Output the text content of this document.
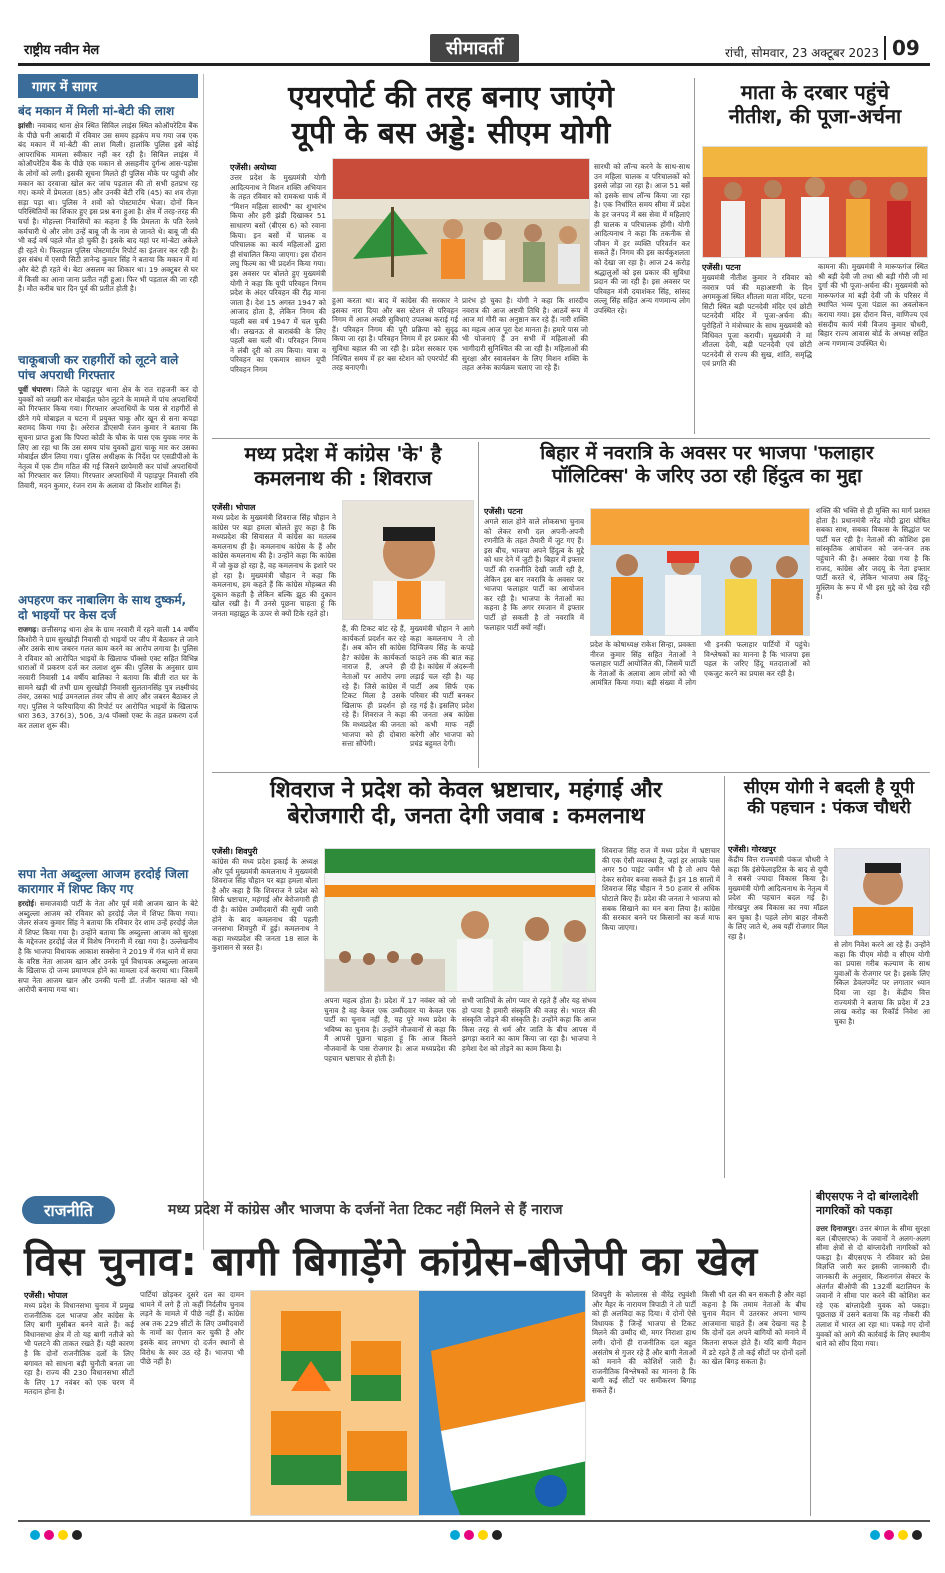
राष्ट्रीय नवीन मेल	सीमावर्ती	रांची, सोमवार, 23 अक्टूबर 2023 09
गागर में सागर
बंद मकान में मिली मां-बेटी की लाश
झांसी। नवाबाद थाना क्षेत्र स्थित सिविल लाइंस स्थित कोऑपरेटिव बैंक के पीछे घनी आबादी में रविवार उस समय हड़कंप मच गया जब एक बंद मकान में मां-बेटी की लाश मिली। हालांकि पुलिस इसे कोई आपराधिक मामला स्वीकार नहीं कर रही है। सिविल लाइंस में कोऑपरेटिव बैंक के पीछे एक मकान से असहनीय दुर्गन्ध आस-पड़ोस के लोगों को लगी। इसकी सूचना मिलते ही पुलिस मौके पर पहुंची और मकान का दरवाजा खोल कर जांच पड़ताल की तो सभी हतप्रभ रह गए। कमरे में प्रेमलता (85) और उनकी बेटी रचि (45) का शव रोज़ा सड़ा पड़ा था। पुलिस ने शवों को पोस्टमार्टम भेजा। दोनों किन परिस्थितियों का शिकार हुए इस प्रश्न बना हुआ है। क्षेत्र में तरह-तरह की चर्चा है। मोहल्ला निवासियों का कहना है कि प्रेमलता के पति रेलवे कर्मचारी थे और लोग उन्हें बाबू जी के नाम से जानते थे। बाबू जी की भी कई वर्ष पहले मौत हो चुकी है। इसके बाद यहां पर मां-बेटा अकेले ही रहते थे। फिलहाल पुलिस पोस्टमार्टम रिपोर्ट का इंतजार कर रही है। इस संबंध में एसपी सिटी ज्ञानेन्द्र कुमार सिंह ने बताया कि मकान में मां और बेटे ही रहते थे। बेटा असलम का शिकार था। 19 अक्टूबर से घर में किसी का आना जाना प्रतीत नहीं हुआ। फिर भी पड़ताल की जा रही है। मौत करीब चार दिन पूर्व की प्रतीत होती है।
चाकूबाजी कर राहगीरों को लूटने वाले पांच अपराधी गिरफ्तार
पूर्वी चंपारण। जिले के पहाड़पुर थाना क्षेत्र के रात राहजनी कर दो युवकों को जख्मी कर मोबाईल फोन लूटने के मामले में पांच अपराधियों को गिरफ्तार किया गया। गिरफ्तार अपराधियों के पास से राहगीरों से छीने गये मोबाइल व घटना में प्रयुक्त चाकू और खून से सना कपड़ा बरामद किया गया है। अरेराज डीएसपी रंजन कुमार ने बताया कि सूचना प्राप्त हुआ कि पिपरा कोठी के चौक के पास एक युवक नगर के लिए आ रहा था कि उस समय पांच युवकों द्वारा चाकू मार कर उसका मोबाईल छीन लिया गया। पुलिस अधीक्षक के निर्देश पर एसडीपीओ के नेतृत्व में एक टीम गठित की गई जिसने छापेमारी कर पांचों अपराधियों को गिरफ्तार कर लिया। गिरफ्तार अपराधियों में पहाड़पुर निवासी रवि तिवारी, मदन कुमार, रंजन राम के अलावा दो किशोर शामिल हैं।
अपहरण कर नाबालिग के साथ दुष्कर्म, दो भाइयों पर केस दर्ज
राजगढ़। छत्तीसगढ़ थाना क्षेत्र के ग्राम नरवारी में रहने वाली 14 वर्षीय किशोरी ने ग्राम सुरखोड़ी निवासी दो भाइयों पर जीप में बैठाकर ले जाने और उसके साथ जबरन गलत काम करने का आरोप लगाया है। पुलिस ने रविवार को आरोपित भाइयों के खिलाफ पॉक्सो एक्ट सहित विभिन्न धाराओं में प्रकरण दर्ज कर तलाश शुरू की। पुलिस के अनुसार ग्राम नरवारी निवासी 14 वर्षीय बालिका ने बताया कि बीती रात घर के सामने खड़ी थी तभी ग्राम सुरखोड़ी निवासी सुलतानसिंह पुत्र लक्ष्मीचंद तंवर, उसका भाई उमनलाल तंवर जीप से आए और जबरन बैठाकर ले गए। पुलिस ने फरियादिया की रिपोर्ट पर आरोपित भाइयों के खिलाफ धारा 363, 376(3), 506, 3/4 पॉक्सो एक्ट के तहत प्रकरण दर्ज कर तलाश शुरू की।
सपा नेता अब्दुल्ला आजम हरदोई जिला कारागार में शिफ्ट किए गए
हरदोई। समाजवादी पार्टी के नेता और पूर्व मंत्री आजम खान के बेटे अब्दुल्ला आजम को रविवार को हरदोई जेल में शिफ्ट किया गया। जेलर संजय कुमार सिंह ने बताया कि रविवार देर शाम उन्हें हरदोई जेल में शिफ्ट किया गया है। उन्होंने बताया कि अब्दुल्ला आजम को सुरक्षा के मद्देनजर हरदोई जेल में विशेष निगरानी में रखा गया है। उल्लेखनीय है कि भाजपा विधायक आकाश सक्सेना ने 2019 में गंज थाने में सपा के वरिष्ठ नेता आजम खान और उनके पूर्व विधायक अब्दुल्ला आजम के खिलाफ दो जन्म प्रमाणपत्र होने का मामला दर्ज कराया था। जिसमें सपा नेता आजम खान और उनकी पत्नी डॉ. तंजीन फातमा को भी आरोपी बनाया गया था।
एयरपोर्ट की तरह बनाए जाएंगे
यूपी के बस अड्डे: सीएम योगी
एजेंसी। अयोध्या
उत्तर प्रदेश के मुख्यमंत्री योगी आदित्यनाथ ने मिशन शक्ति अभियान के तहत रविवार को रामकथा पार्क में "मिशन महिला सारथी" का शुभारंभ किया और हरी झंडी दिखाकर 51 साधारण बसों (बीएस 6) को रवाना किया। इन बसों में चालक व परिचालक का कार्य महिलाओं द्वारा ही संचालित किया जाएगा। इस दौरान लघु फिल्म का भी प्रदर्शन किया गया। इस अवसर पर बोलते हुए मुख्यमंत्री योगी ने कहा कि यूपी परिवहन निगम प्रदेश के अंदर परिवहन की रीढ़ माना जाता है। देश 15 अगस्त 1947 को आजाद होता है, लेकिन निगम की पहली बस वर्ष 1947 में चल चुकी थी। लखनऊ से बाराबंकी के लिए पहली बस चली थी। परिवहन निगम ने लंबी दूरी को तय किया। यात्रा व परिवहन का एकमात्र साधन यूपी परिवहन निगम
हुआ करता था। बाद में कांग्रेस की सरकार ने इसका नारा दिया और बस स्टेशन से परिवहन निगम में आज अच्छी सुविधाएं उपलब्ध कराई गई हैं। परिवहन निगम की पूरी प्रक्रिया को सुदृढ़ किया जा रहा है। परिवहन निगम में हर प्रकार की सुविधा बहाल की जा रही है। प्रदेश सरकार एक निश्चित समय में हर बस स्टेशन को एयरपोर्ट की तरह बनाएगी।
प्रारंभ हो चुका है। योगी ने कहा कि शारदीय नवरात्र की आज अष्टमी तिथि है। आठवें रूप में आज मां गौरी का अनुष्ठान कर रहे हैं। नारी शक्ति का महत्व आज पूरा देश मानता है। हमारे पास जो भी योजनाएं हैं उन सभी में महिलाओं की भागीदारी सुनिश्चित की जा रही है। महिलाओं की सुरक्षा और स्वावलंबन के लिए मिशन शक्ति के तहत अनेक कार्यक्रम चलाए जा रहे हैं।
सारथी को लॉन्च करने के साथ-साथ उन महिला चालक व परिचालकों को इससे जोड़ा जा रहा है। आज 51 बसें को इसके साथ लॉन्च किया जा रहा है। एक निर्धारित समय सीमा में प्रदेश के हर जनपद में बस सेवा में महिलाएं ही चालक व परिचालक होंगी। योगी आदित्यनाथ ने कहा कि तकनीक से जीवन में हर व्यक्ति परिवर्तन कर सकते हैं। निगम की इस कार्यकुशलता को देखा जा रहा है। आज 24 करोड़ श्रद्धालुओं को इस प्रकार की सुविधा प्रदान की जा रही है। इस अवसर पर परिवहन मंत्री दयाशंकर सिंह, सांसद लल्लू सिंह सहित अन्य गणमान्य लोग उपस्थित रहे।
माता के दरबार पहुंचे
नीतीश, की पूजा-अर्चना
एजेंसी। पटना
मुख्यमंत्री नीतीश कुमार ने रविवार को नवरात्र पर्व की महाअष्टमी के दिन अगमकुआं स्थित शीतला माता मंदिर, पटना सिटी स्थित बड़ी पटनदेवी मंदिर एवं छोटी पटनदेवी मंदिर में पूजा-अर्चना की। पुरोहितों ने मंत्रोच्चार के साथ मुख्यमंत्री को विधिवत पूजा करायी। मुख्यमंत्री ने मां शीतला देवी, बड़ी पटनदेवी एवं छोटी पटनदेवी से राज्य की सुख, शांति, समृद्धि एवं प्रगति की
कामना की। मुख्यमंत्री ने मारूफगंज स्थित श्री बड़ी देवी जी तथा श्री बड़ी गौरी जी मां दुर्गा की भी पूजा-अर्चना की। मुख्यमंत्री को मारूफगंज मां बड़ी देवी जी के परिसर में स्थापित भव्य पूजा पंडाल का अवलोकन कराया गया। इस दौरान वित्त, वाणिज्य एवं संसदीय कार्य मंत्री विजय कुमार चौधरी, बिहार राज्य आवास बोर्ड के अध्यक्ष सहित अन्य गणमान्य उपस्थित थे।
मध्य प्रदेश में कांग्रेस 'के' है
कमलनाथ की : शिवराज
एजेंसी। भोपाल
मध्य प्रदेश के मुख्यमंत्री शिवराज सिंह चौहान ने कांग्रेस पर बड़ा हमला बोलते हुए कहा है कि मध्यप्रदेश की सियासत में कांग्रेस का मतलब कमलनाथ ही है। कमलनाथ कांग्रेस के हैं और कांग्रेस कमलनाथ की है। उन्होंने कहा कि कांग्रेस में जो कुछ हो रहा है, वह कमलनाथ के इशारे पर हो रहा है। मुख्यमंत्री चौहान ने कहा कि कमलनाथ, हम कहते हैं कि कांग्रेस मोहब्बत की दुकान कहती है लेकिन बल्कि झूठ की दुकान खोल रखी है। मैं उनसे पूछना चाहता हूं कि जनता महाझूठ के ऊपर से क्यों टिके रहते हो।
हैं, की टिकट बांट रहे हैं, कार्यकर्ता प्रदर्शन कर रहे हैं। अब कौन सी कांग्रेस है? कांग्रेस के कार्यकर्ता नाराज हैं, अपने ही नेताओं पर आरोप लगा रहे हैं। जिसे कांग्रेस में टिकट मिला है उसके खिलाफ ही प्रदर्शन हो रहे हैं। शिवराज ने कहा कि मध्यप्रदेश की जनता भाजपा को ही दोबारा सत्ता सौंपेगी।
मुख्यमंत्री चौहान ने आगे कहा कमलनाथ ने तो दिग्विजय सिंह के कपड़े फाड़ने तक की बात कह दी है। कांग्रेस में अंदरूनी लड़ाई चल रही है। यह पार्टी अब सिर्फ एक परिवार की पार्टी बनकर रह गई है। इसलिए प्रदेश की जनता अब कांग्रेस को कभी माफ नहीं करेगी और भाजपा को प्रचंड बहुमत देगी।
बिहार में नवरात्रि के अवसर पर भाजपा 'फलाहार
पॉलिटिक्स' के जरिए उठा रही हिंदुत्व का मुद्दा
एजेंसी। पटना
अगले साल होने वाले लोकसभा चुनाव को लेकर सभी दल अपनी-अपनी रणनीति के तहत तैयारी में जुट गए हैं। इस बीच, भाजपा अपने हिंदुत्व के मुद्दे को धार देने में जुटी है। बिहार में इफ्तार पार्टी की राजनीति देखी जाती रही है, लेकिन इस बार नवरात्रि के अवसर पर भाजपा फलाहार पार्टी का आयोजन कर रही है। भाजपा के नेताओं का कहना है कि अगर रमजान में इफ्तार पार्टी हो सकती है तो नवरात्रि में फलाहार पार्टी क्यों नहीं।
प्रदेश के कोषाध्यक्ष राकेश सिन्हा, प्रवक्ता नीरज कुमार सिंह सहित नेताओं ने फलाहार पार्टी आयोजित की, जिसमें पार्टी के नेताओं के अलावा आम लोगों को भी आमंत्रित किया गया। बड़ी संख्या में लोग भी इनकी फलाहार पार्टियों में पहुंचे। विश्लेषकों का मानना है कि भाजपा इस पहल के जरिए हिंदू मतदाताओं को एकजुट करने का प्रयास कर रही है।
शक्ति की भक्ति से ही मुक्ति का मार्ग प्रशस्त होता है। प्रधानमंत्री नरेंद्र मोदी द्वारा घोषित सबका साथ, सबका विकास के सिद्धांत पर पार्टी चल रही है। नेताओं की कोशिश इस सांस्कृतिक आयोजन को जन-जन तक पहुंचाने की है। अक्सर देखा गया है कि राजद, कांग्रेस और जदयू के नेता इफ्तार पार्टी करते थे, लेकिन भाजपा अब हिंदू-मुस्लिम के रूप में भी इस मुद्दे को देख रही है।
शिवराज ने प्रदेश को केवल भ्रष्टाचार, महंगाई और
बेरोजगारी दी, जनता देगी जवाब : कमलनाथ
एजेंसी। शिवपुरी
कांग्रेस की मध्य प्रदेश इकाई के अध्यक्ष और पूर्व मुख्यमंत्री कमलनाथ ने मुख्यमंत्री शिवराज सिंह चौहान पर बड़ा हमला बोला है और कहा है कि शिवराज ने प्रदेश को सिर्फ भ्रष्टाचार, महंगाई और बेरोजगारी ही दी है। कांग्रेस उम्मीदवारों की सूची जारी होने के बाद कमलनाथ की पहली जनसभा शिवपुरी में हुई। कमलनाथ ने कहा मध्यप्रदेश की जनता 18 साल के कुशासन से त्रस्त है।
अपना महत्व होता है। प्रदेश में 17 नवंबर को जो चुनाव है वह केवल एक उम्मीदवार या केवल एक पार्टी का चुनाव नहीं है, यह पूरे मध्य प्रदेश के भविष्य का चुनाव है। उन्होंने नौजवानों से कहा कि मैं आपसे पूछना चाहता हूं कि आज कितने नौजवानों के पास रोजगार है। आज मध्यप्रदेश की पहचान भ्रष्टाचार से होती है।
सभी जातियों के लोग प्यार से रहते हैं और यह संभव हो पाया है हमारी संस्कृति की वजह से। भारत की संस्कृति जोड़ने की संस्कृति है। उन्होंने कहा कि आज किस तरह से धर्म और जाति के बीच आपस में झगड़ा कराने का काम किया जा रहा है। भाजपा ने हमेशा देश को तोड़ने का काम किया है।
शिवराज सिंह राज में मध्य प्रदेश में भ्रष्टाचार की एक ऐसी व्यवस्था है, जहां हर आपके पास अगर 50 पाइंट जमीन भी है तो आप पैसे देकर सरोवर बनवा सकते हैं। इन 18 सालों में शिवराज सिंह चौहान ने 50 हजार से अधिक घोटाले किए हैं। प्रदेश की जनता ने भाजपा को सबक सिखाने का मन बना लिया है। कांग्रेस की सरकार बनने पर किसानों का कर्ज माफ किया जाएगा।
सीएम योगी ने बदली है यूपी
की पहचान : पंकज चौधरी
एजेंसी। गोरखपुर
केंद्रीय वित्त राज्यमंत्री पंकज चौधरी ने कहा कि इंसेफेलाइटिस के बाद से यूपी ने सबसे ज्यादा विकास किया है। मुख्यमंत्री योगी आदित्यनाथ के नेतृत्व में प्रदेश की पहचान बदल गई है। गोरखपुर अब विकास का नया मॉडल बन चुका है। पहले लोग बाहर नौकरी के लिए जाते थे, अब यहीं रोजगार मिल रहा है।
से लोग निवेश करने आ रहे हैं। उन्होंने कहा कि पीएम मोदी व सीएम योगी का प्रयास गरीब कल्याण के साथ युवाओं के रोजगार पर है। इसके लिए स्किल डेवलपमेंट पर लगातार ध्यान दिया जा रहा है। केंद्रीय वित्त राज्यमंत्री ने बताया कि प्रदेश में 23 लाख करोड़ का रिकॉर्ड निवेश आ चुका है।
राजनीति	मध्य प्रदेश में कांग्रेस और भाजपा के दर्जनों नेता टिकट नहीं मिलने से हैं नाराज
विस चुनाव: बागी बिगाड़ेंगे कांग्रेस-बीजेपी का खेल
एजेंसी। भोपाल
मध्य प्रदेश के विधानसभा चुनाव में प्रमुख राजनीतिक दल भाजपा और कांग्रेस के लिए बागी मुसीबत बनने वाले हैं। कई विधानसभा क्षेत्र में तो यह बागी नतीजे को भी पलटने की ताकत रखते हैं। यही कारण है कि दोनों राजनीतिक दलों के लिए बगावत को साधना बड़ी चुनौती बनता जा रहा है। राज्य की 230 विधानसभा सीटों के लिए 17 नवंबर को एक चरण में मतदान होना है।
पार्टियां छोड़कर दूसरे दल का दामन थामने में लगे हैं तो कहीं निर्दलीय चुनाव लड़ने के मामले में पीछे नहीं हैं। कांग्रेस अब तक 229 सीटों के लिए उम्मीदवारों के नामों का ऐलान कर चुकी है और इसके बाद लगभग दो दर्जन स्थानों से विरोध के स्वर उठ रहे हैं। भाजपा भी पीछे नहीं है।
शिवपुरी के कोलारस से वीरेंद्र रघुवंशी और मैहर के नारायण त्रिपाठी ने तो पार्टी को ही अलविदा कह दिया। ये दोनों ऐसे विधायक हैं जिन्हें भाजपा से टिकट मिलने की उम्मीद थी, मगर निराशा हाथ लगी। दोनों ही राजनीतिक दल बहुत असंतोष से गुजर रहे हैं और बागी नेताओं को मनाने की कोशिशें जारी हैं। राजनीतिक विश्लेषकों का मानना है कि बागी कई सीटों पर समीकरण बिगाड़ सकते हैं।
किसी भी दल की बन सकती है और वहां कहना है कि तमाम नेताओं के बीच चुनाव मैदान में उतरकर अपना भाग्य आजमाना चाहते हैं। अब देखना यह है कि दोनों दल अपने बागियों को मनाने में कितना सफल होते हैं। यदि बागी मैदान में डटे रहते हैं तो कई सीटों पर दोनों दलों का खेल बिगड़ सकता है।
बीएसएफ ने दो बांग्लादेशी नागरिकों को पकड़ा
उत्तर दिनाजपुर। उत्तर बंगाल के सीमा सुरक्षा बल (बीएसएफ) के जवानों ने अलग-अलग सीमा क्षेत्रों से दो बांग्लादेशी नागरिकों को पकड़ा है। बीएसएफ ने रविवार को प्रेस विज्ञप्ति जारी कर इसकी जानकारी दी। जानकारी के अनुसार, किशनगंज सेक्टर के अंतर्गत बीओपी की 132वीं बटालियन के जवानों ने सीमा पार करने की कोशिश कर रहे एक बांग्लादेशी युवक को पकड़ा। पूछताछ में उसने बताया कि वह नौकरी की तलाश में भारत आ रहा था। पकड़े गए दोनों युवकों को आगे की कार्रवाई के लिए स्थानीय थाने को सौंप दिया गया।
